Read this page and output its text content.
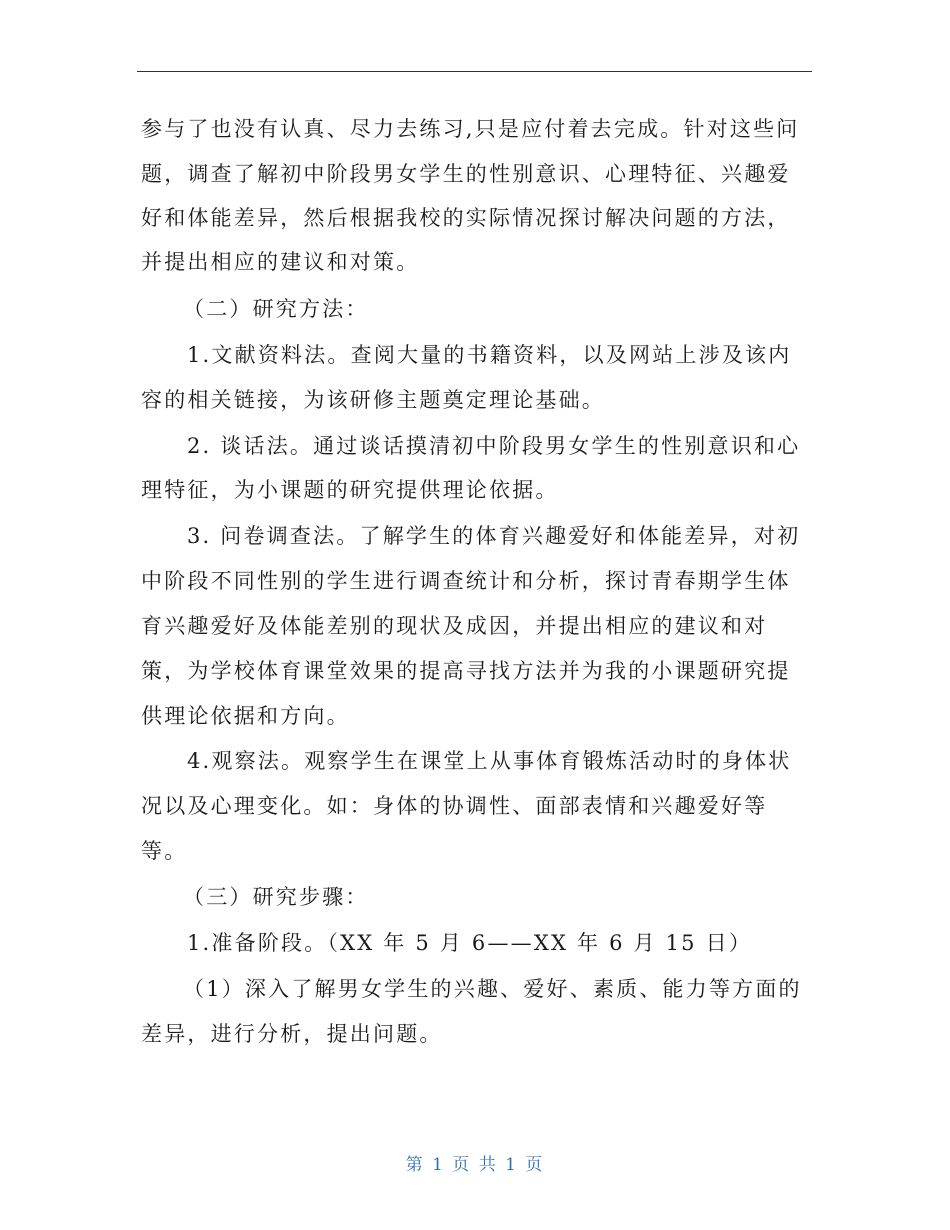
参与了也没有认真、尽力去练习,只是应付着去完成。针对这些问
题，调查了解初中阶段男女学生的性别意识、心理特征、兴趣爱
好和体能差异，然后根据我校的实际情况探讨解决问题的方法，
并提出相应的建议和对策。
（二）研究方法：
1.文献资料法。查阅大量的书籍资料，以及网站上涉及该内
容的相关链接，为该研修主题奠定理论基础。
2. 谈话法。通过谈话摸清初中阶段男女学生的性别意识和心
理特征，为小课题的研究提供理论依据。
3. 问卷调查法。了解学生的体育兴趣爱好和体能差异，对初
中阶段不同性别的学生进行调查统计和分析，探讨青春期学生体
育兴趣爱好及体能差别的现状及成因，并提出相应的建议和对
策，为学校体育课堂效果的提高寻找方法并为我的小课题研究提
供理论依据和方向。
4.观察法。观察学生在课堂上从事体育锻炼活动时的身体状
况以及心理变化。如：身体的协调性、面部表情和兴趣爱好等
等。
（三）研究步骤：
1.准备阶段。（XX 年 5 月 6——XX 年 6 月 15 日）
（1）深入了解男女学生的兴趣、爱好、素质、能力等方面的
差异，进行分析，提出问题。
第 1 页 共 1 页
